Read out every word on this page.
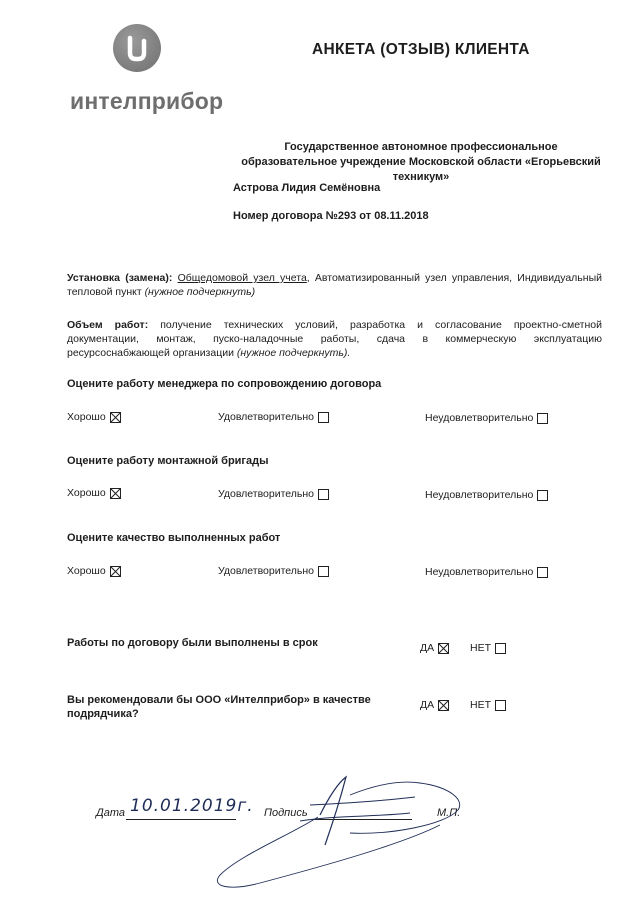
интелприбор
АНКЕТА (ОТЗЫВ) КЛИЕНТА
Государственное автономное профессиональное образовательное учреждение Московской области «Егорьевский техникум»
Астрова Лидия Семёновна
Номер договора №293 от 08.11.2018
Установка (замена): Общедомовой узел учета, Автоматизированный узел управления, Индивидуальный тепловой пункт (нужное подчеркнуть)
Объем работ: получение технических условий, разработка и согласование проектно-сметной документации, монтаж, пуско-наладочные работы, сдача в коммерческую эксплуатацию ресурсоснабжающей организации (нужное подчеркнуть).
Оцените работу менеджера по сопровождению договора
Хорошо	Удовлетворительно	Неудовлетворительно
Оцените работу монтажной бригады
Хорошо	Удовлетворительно	Неудовлетворительно
Оцените качество выполненных работ
Хорошо	Удовлетворительно	Неудовлетворительно
Работы по договору были выполнены в срок	ДА	НЕТ
Вы рекомендовали бы ООО «Интелприбор» в качестве
подрядчика?
ДА	НЕТ
Дата 10.01.2019г. Подпись	М.П.
